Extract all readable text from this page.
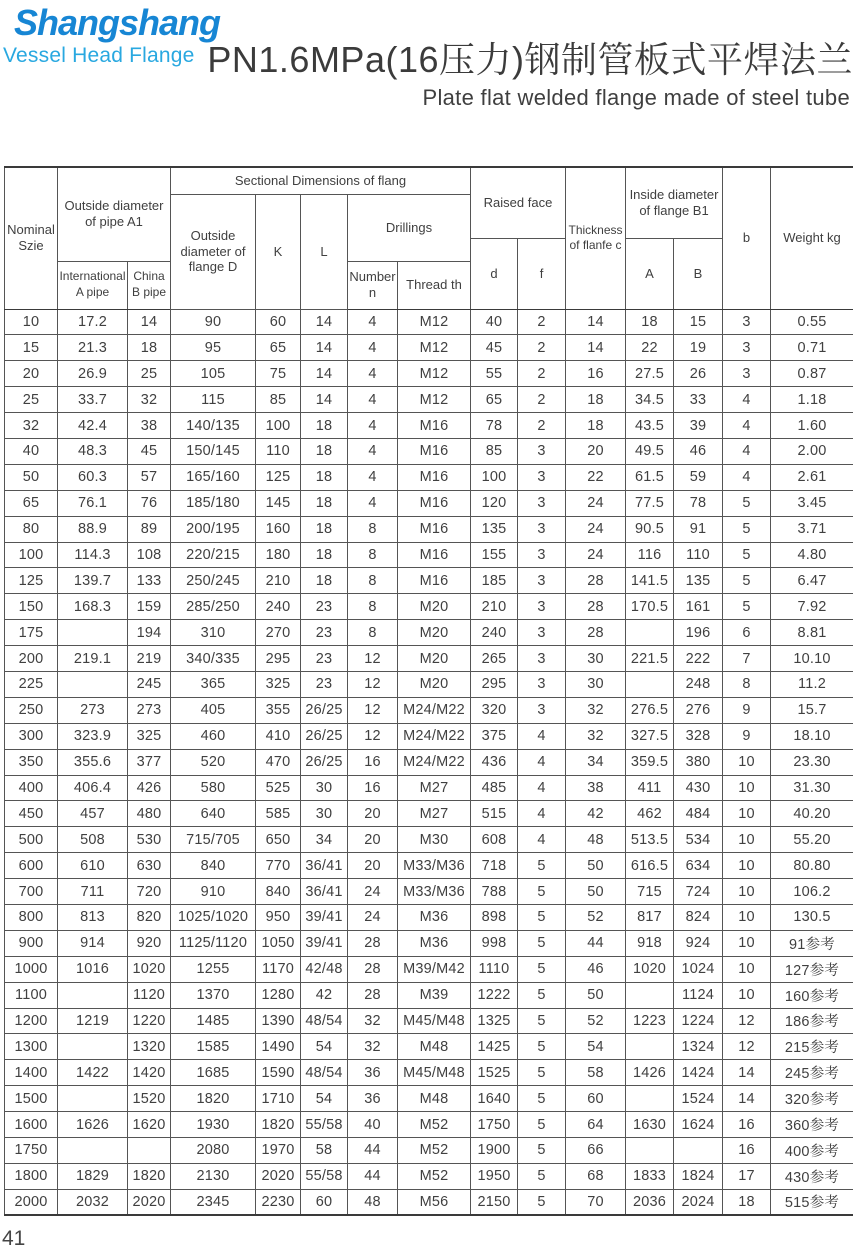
Shangshang
Vessel Head Flange PN1.6MPa(16压力)钢制管板式平焊法兰
Plate flat welded flange made of steel tube
Nominal Szie	Outside diameter of pipe A1		Sectional Dimensions of flang					Raised face		Thickness of flanfe c	Inside diameter of flange B1		b	Weight kg
			Outside diameter of flange D	K	L	Drillings								
								d	f		A	B		
	International A pipe	China B pipe				Number n	Thread th							
10	17.2	14	90	60	14	4	M12	40	2	14	18	15	3	0.55
15	21.3	18	95	65	14	4	M12	45	2	14	22	19	3	0.71
20	26.9	25	105	75	14	4	M12	55	2	16	27.5	26	3	0.87
25	33.7	32	115	85	14	4	M12	65	2	18	34.5	33	4	1.18
32	42.4	38	140/135	100	18	4	M16	78	2	18	43.5	39	4	1.60
40	48.3	45	150/145	110	18	4	M16	85	3	20	49.5	46	4	2.00
50	60.3	57	165/160	125	18	4	M16	100	3	22	61.5	59	4	2.61
65	76.1	76	185/180	145	18	4	M16	120	3	24	77.5	78	5	3.45
80	88.9	89	200/195	160	18	8	M16	135	3	24	90.5	91	5	3.71
100	114.3	108	220/215	180	18	8	M16	155	3	24	116	110	5	4.80
125	139.7	133	250/245	210	18	8	M16	185	3	28	141.5	135	5	6.47
150	168.3	159	285/250	240	23	8	M20	210	3	28	170.5	161	5	7.92
175		194	310	270	23	8	M20	240	3	28		196	6	8.81
200	219.1	219	340/335	295	23	12	M20	265	3	30	221.5	222	7	10.10
225		245	365	325	23	12	M20	295	3	30		248	8	11.2
250	273	273	405	355	26/25	12	M24/M22	320	3	32	276.5	276	9	15.7
300	323.9	325	460	410	26/25	12	M24/M22	375	4	32	327.5	328	9	18.10
350	355.6	377	520	470	26/25	16	M24/M22	436	4	34	359.5	380	10	23.30
400	406.4	426	580	525	30	16	M27	485	4	38	411	430	10	31.30
450	457	480	640	585	30	20	M27	515	4	42	462	484	10	40.20
500	508	530	715/705	650	34	20	M30	608	4	48	513.5	534	10	55.20
600	610	630	840	770	36/41	20	M33/M36	718	5	50	616.5	634	10	80.80
700	711	720	910	840	36/41	24	M33/M36	788	5	50	715	724	10	106.2
800	813	820	1025/1020	950	39/41	24	M36	898	5	52	817	824	10	130.5
900	914	920	1125/1120	1050	39/41	28	M36	998	5	44	918	924	10	91参考
1000	1016	1020	1255	1170	42/48	28	M39/M42	1110	5	46	1020	1024	10	127参考
1100		1120	1370	1280	42	28	M39	1222	5	50		1124	10	160参考
1200	1219	1220	1485	1390	48/54	32	M45/M48	1325	5	52	1223	1224	12	186参考
1300		1320	1585	1490	54	32	M48	1425	5	54		1324	12	215参考
1400	1422	1420	1685	1590	48/54	36	M45/M48	1525	5	58	1426	1424	14	245参考
1500		1520	1820	1710	54	36	M48	1640	5	60		1524	14	320参考
1600	1626	1620	1930	1820	55/58	40	M52	1750	5	64	1630	1624	16	360参考
1750			2080	1970	58	44	M52	1900	5	66			16	400参考
1800	1829	1820	2130	2020	55/58	44	M52	1950	5	68	1833	1824	17	430参考
2000	2032	2020	2345	2230	60	48	M56	2150	5	70	2036	2024	18	515参考
41
